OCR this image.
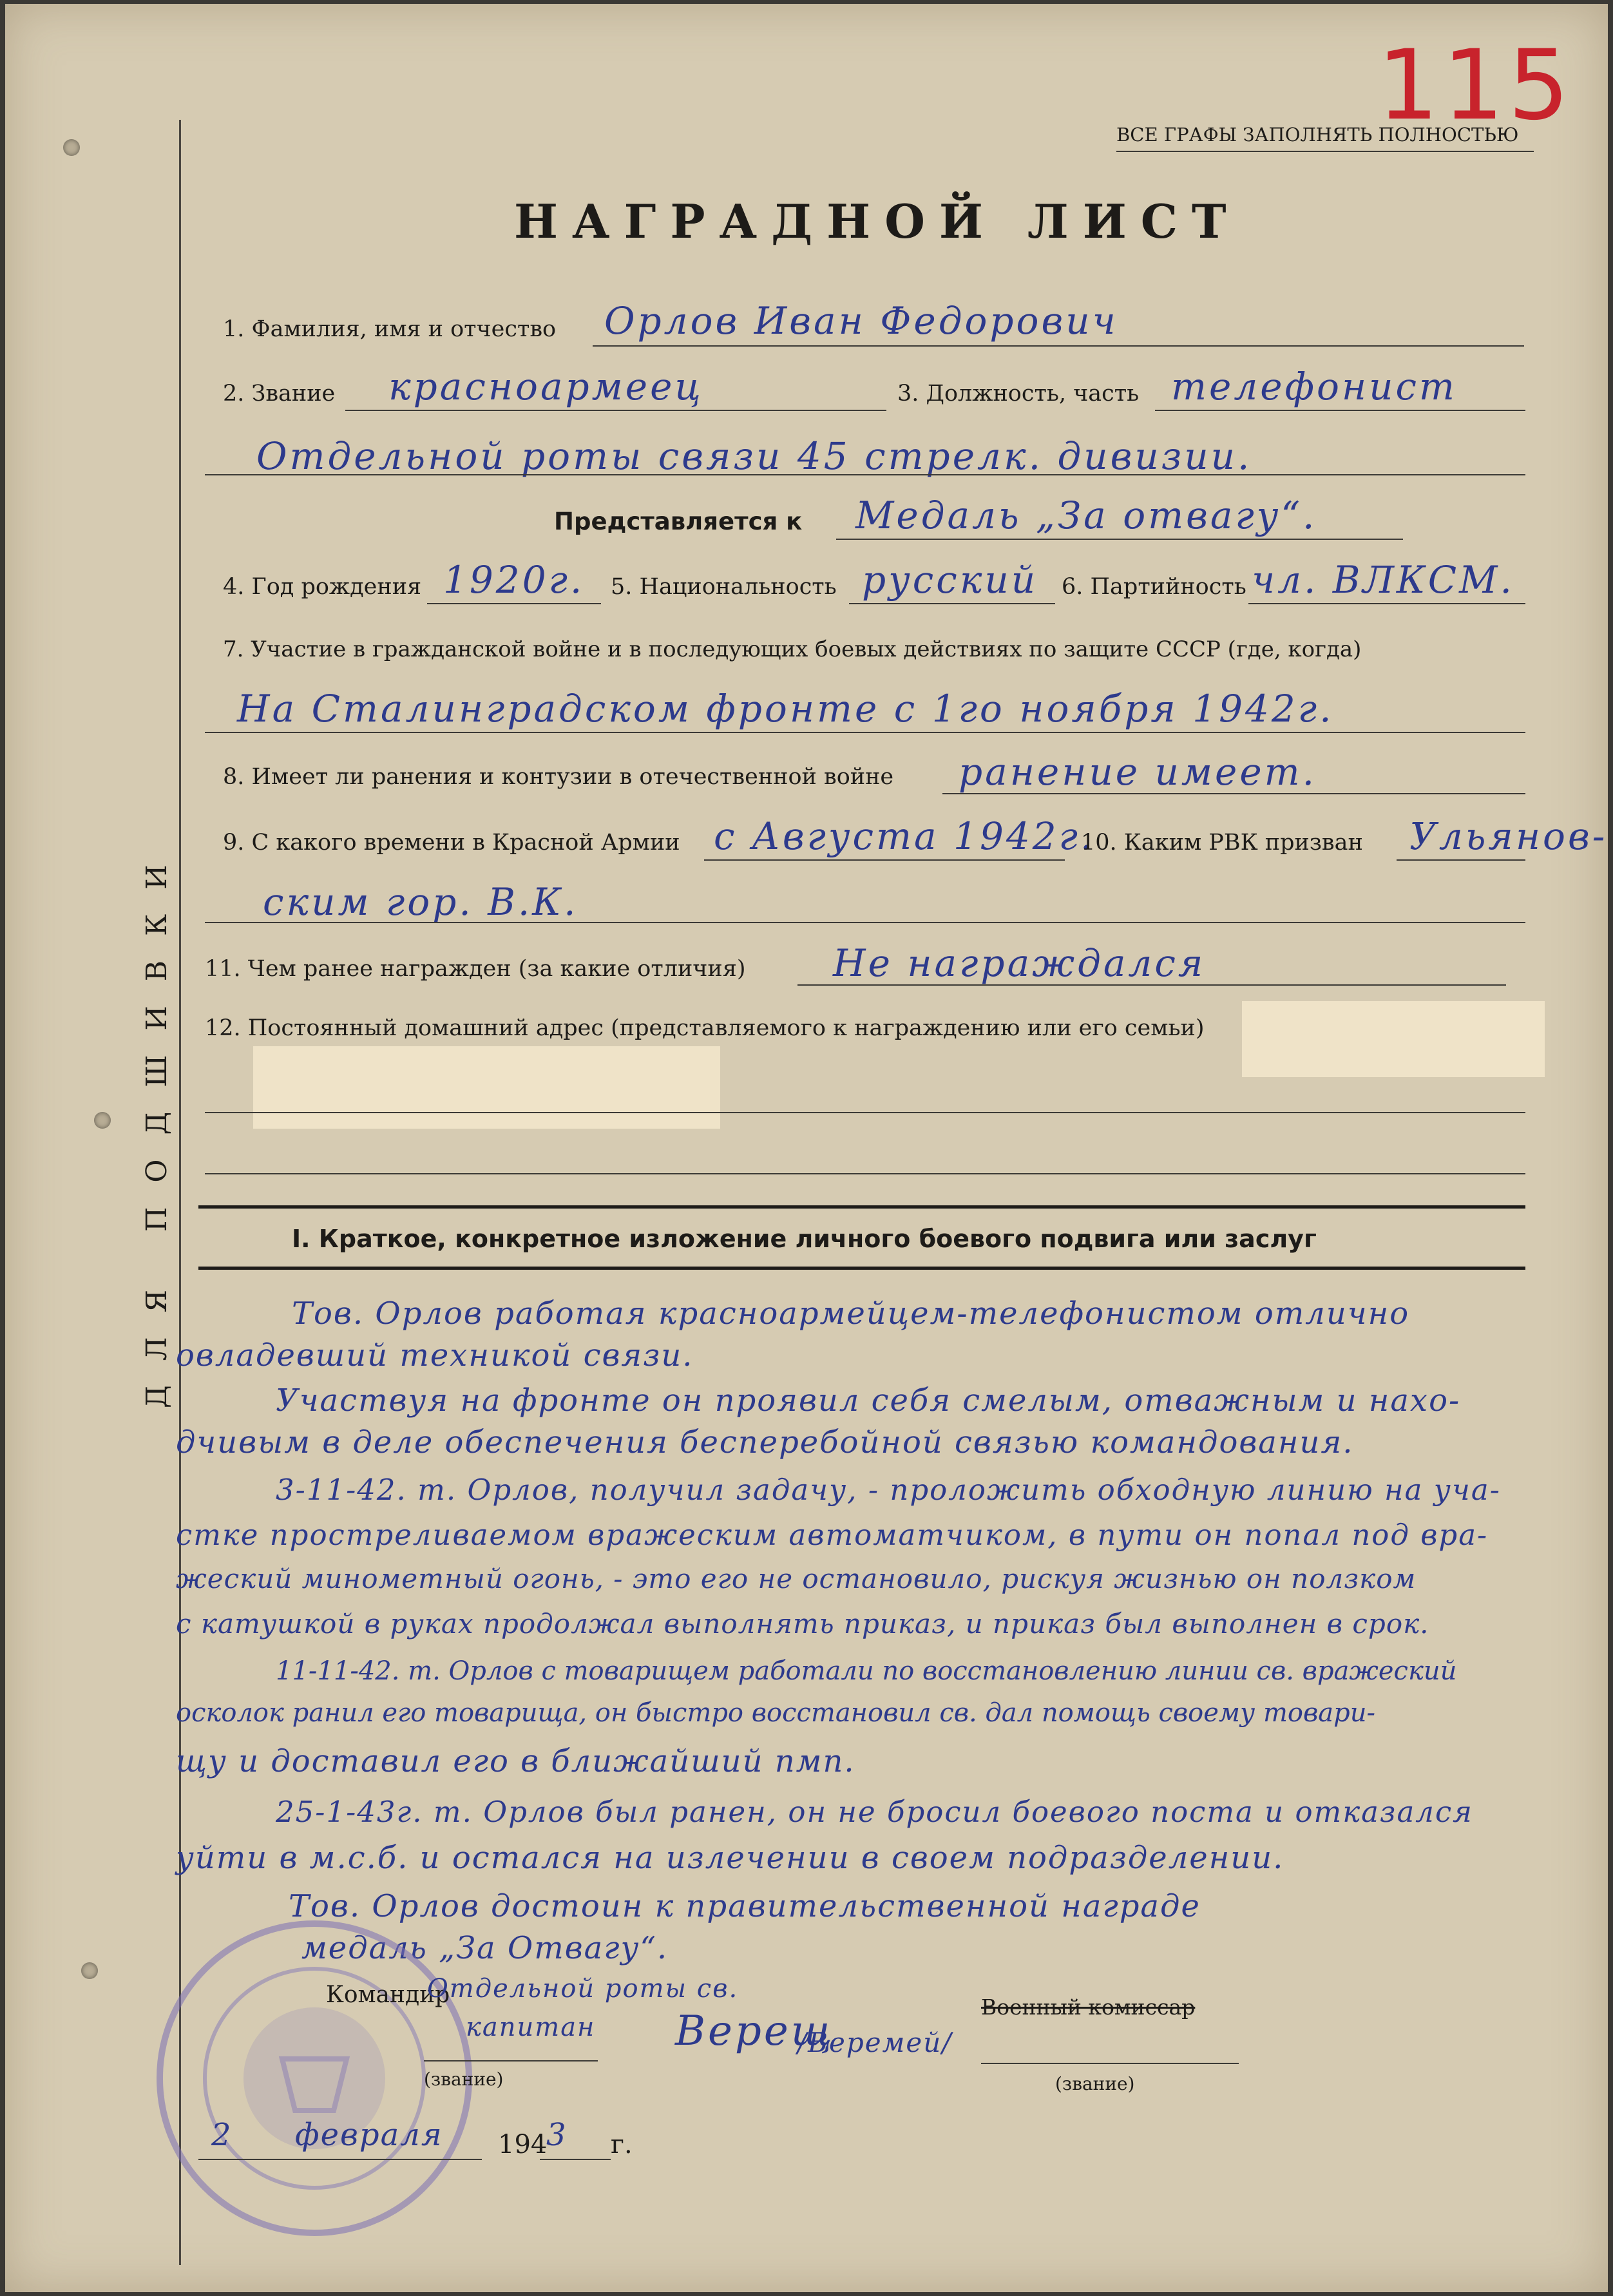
ДЛЯ ПОДШИВКИ
115
ВСЕ ГРАФЫ ЗАПОЛНЯТЬ ПОЛНОСТЬЮ
НАГРАДНОЙ ЛИСТ
1. Фамилия, имя и отчество Орлов Иван Федорович
2. Звание красноармеец	3. Должность, часть телефонист
Отдельной роты связи 45 стрелк. дивизии.
Представляется к Медаль „За отвагу“.
4. Год рождения 1920г. 5. Национальность русский 6. Партийность чл. ВЛКСМ.
7. Участие в гражданской войне и в последующих боевых действиях по защите СССР (где, когда)
На Сталинградском фронте с 1го ноября 1942г.
8. Имеет ли ранения и контузии в отечественной войне ранение имеет.
9. С какого времени в Красной Армии с Августа 1942г.
10. Каким РВК призван Ульянов-
ским гор. В.К.
11. Чем ранее награжден (за какие отличия) Не награждался
12. Постоянный домашний адрес (представляемого к награждению или его семьи)
I. Краткое, конкретное изложение личного боевого подвига или заслуг
Тов. Орлов работая красноармейцем-телефонистом отлично
овладевший техникой связи.
Участвуя на фронте он проявил себя смелым, отважным и нахо-
дчивым в деле обеспечения бесперебойной связью командования.
3-11-42. т. Орлов, получил задачу, - проложить обходную линию на уча-
стке простреливаемом вражеским автоматчиком, в пути он попал под вра-
жеский минометный огонь, - это его не остановило, рискуя жизнью он ползком
с катушкой в руках продолжал выполнять приказ, и приказ был выполнен в срок.
11-11-42. т. Орлов с товарищем работали по восстановлению линии св. вражеский
осколок ранил его товарища, он быстро восстановил св. дал помощь своему товари-
щу и доставил его в ближайший пмп.
25-1-43г. т. Орлов был ранен, он не бросил боевого поста и отказался
уйти в м.с.б. и остался на излечении в своем подразделении.
Тов. Орлов достоин к правительственной награде
медаль „За Отвагу“.
Командир
Отдельной роты св.
капитан
(звание)
Верещ
/Веремей/
Военный комиссар
(звание)
2 февраля 194
3 г.
